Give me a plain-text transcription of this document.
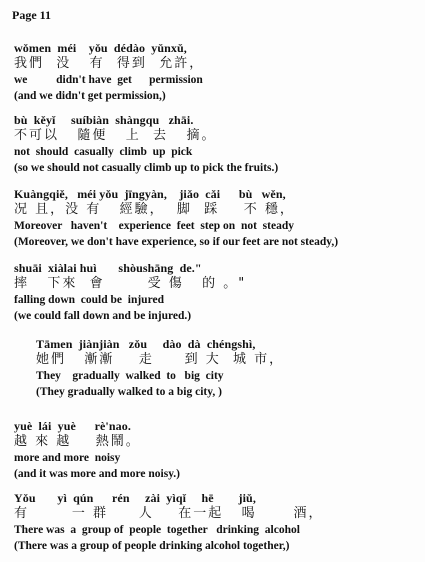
Page 11
wǒmen  méi    yǒu  dédào  yǔnxǔ,
我們  没   有  得到  允許，
we          didn't have  get      permission
(and we didn't get permission,)
bù  kěyǐ     suíbiàn  shàngqu   zhāi.
不可以   隨便   上  去   摘。
not  should  casually  climb  up  pick
(so we should not casually climb up to pick the fruits.)
Kuàngqiě,   méi yǒu  jīngyàn,    jiǎo  cǎi      bù   wěn,
况 且，没 有   經驗，  脚  踩    不 穩，
Moreover   haven't    experience  feet  step on  not  steady
(Moreover, we don't have experience, so if our feet are not steady,)
shuāi  xiàlai huì       shòushāng  de."
摔   下來  會       受 傷   的 。"
falling down  could be  injured
(we could fall down and be injured.)
Tāmen  jiànjiàn   zǒu     dào  dà  chéngshì,
她們   漸漸    走     到 大  城 市，
They    gradually  walked  to   big  city
(They gradually walked to a big city, )
yuè  lái  yuè      rè'nao.
越 來 越    熱鬧。
more and more  noisy
(and it was more and more noisy.)
Yǒu       yì  qún      rén     zài  yìqǐ     hē        jiǔ,
有       一 群     人    在一起   喝      酒，
There was  a  group of  people  together   drinking  alcohol
(There was a group of people drinking alcohol together,)
